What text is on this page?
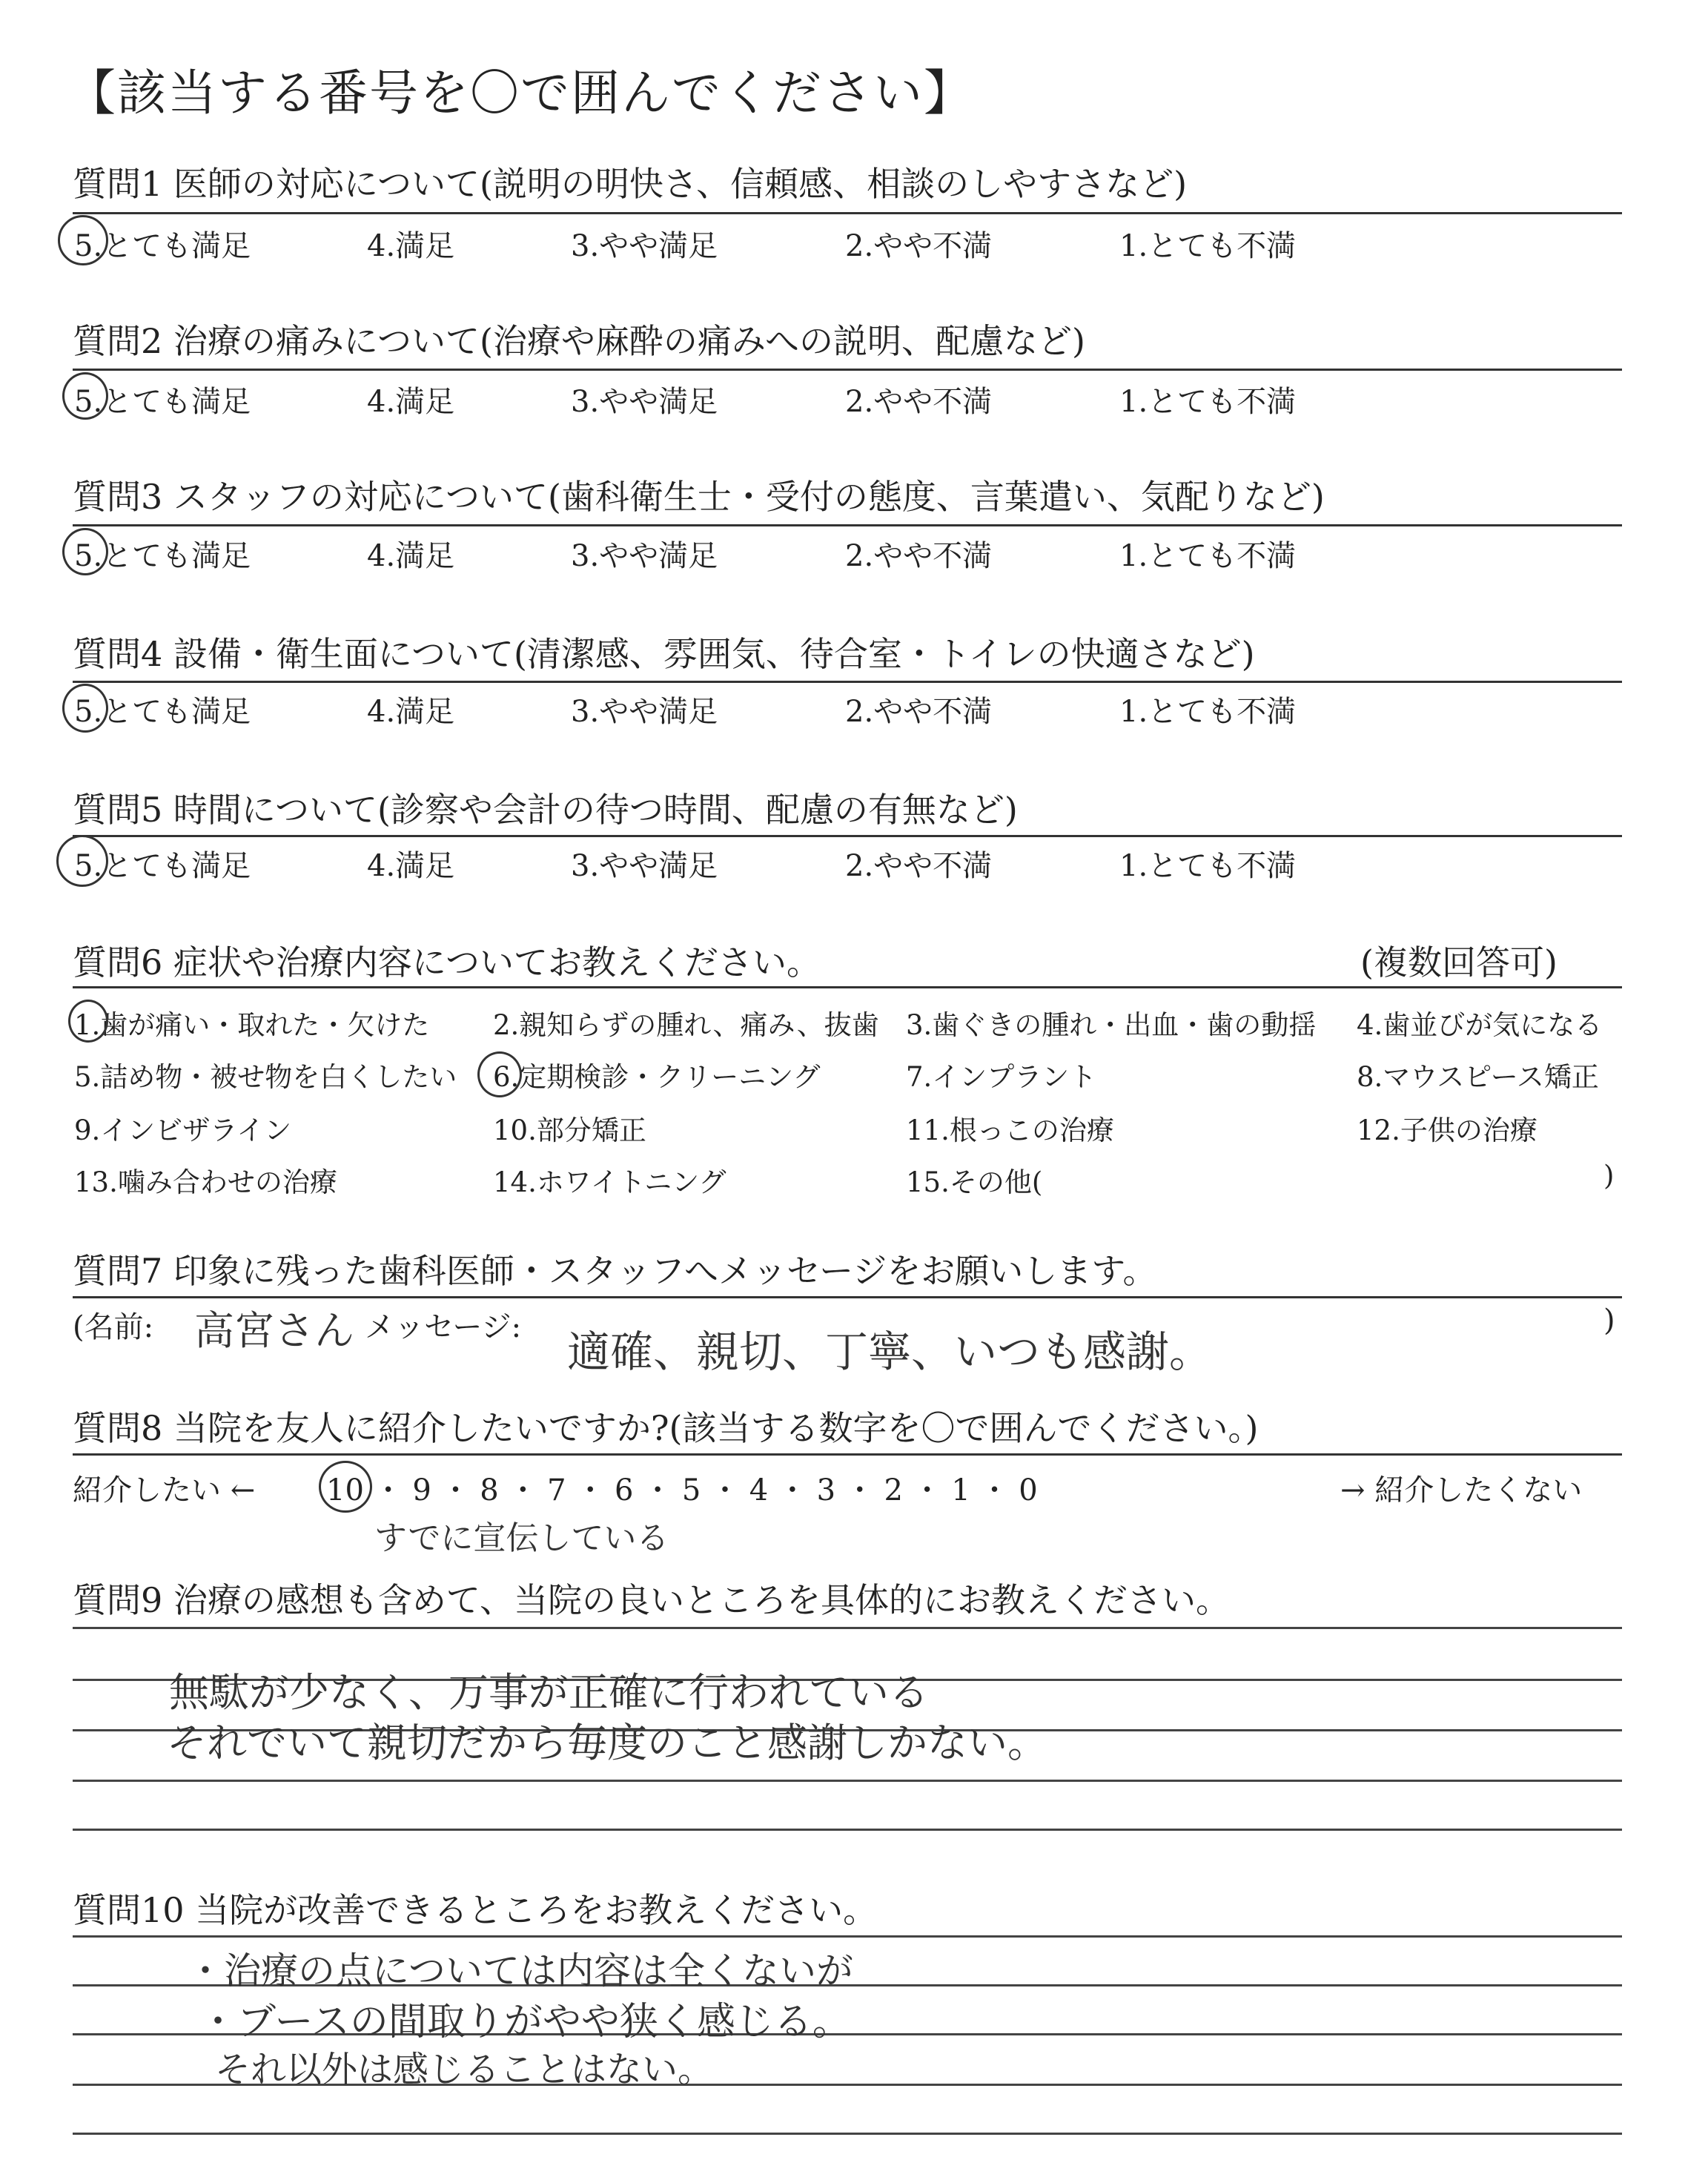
【該当する番号を〇で囲んでください】
質問1 医師の対応について(説明の明快さ、信頼感、相談のしやすさなど)
5.とても満足	4.満足	3.やや満足	2.やや不満	1.とても不満
質問2 治療の痛みについて(治療や麻酔の痛みへの説明、配慮など)
5.とても満足	4.満足	3.やや満足	2.やや不満	1.とても不満
質問3 スタッフの対応について(歯科衛生士・受付の態度、言葉遣い、気配りなど)
5.とても満足	4.満足	3.やや満足	2.やや不満	1.とても不満
質問4 設備・衛生面について(清潔感、雰囲気、待合室・トイレの快適さなど)
5.とても満足	4.満足	3.やや満足	2.やや不満	1.とても不満
質問5 時間について(診察や会計の待つ時間、配慮の有無など)
5.とても満足	4.満足	3.やや満足	2.やや不満	1.とても不満
質問6 症状や治療内容についてお教えください。	(複数回答可)
1.歯が痛い・取れた・欠けた 2.親知らずの腫れ、痛み、抜歯 3.歯ぐきの腫れ・出血・歯の動揺 4.歯並びが気になる
5.詰め物・被せ物を白くしたい 6.定期検診・クリーニング	7.インプラント	8.マウスピース矯正
9.インビザライン	10.部分矯正	11.根っこの治療	12.子供の治療
13.噛み合わせの治療	14.ホワイトニング	15.その他(	)
質問7 印象に残った歯科医師・スタッフへメッセージをお願いします。
(名前: 高宮さん メッセージ: 適確、親切、丁寧、いつも感謝。
)
質問8 当院を友人に紹介したいですか?(該当する数字を〇で囲んでください。)
紹介したい ← 10 ・ 9 ・ 8 ・ 7 ・ 6 ・ 5 ・ 4 ・ 3 ・ 2 ・ 1 ・ 0	→ 紹介したくない
すでに宣伝している
質問9 治療の感想も含めて、当院の良いところを具体的にお教えください。
無駄が少なく、万事が正確に行われている
それでいて親切だから毎度のこと感謝しかない。
質問10 当院が改善できるところをお教えください。
・治療の点については内容は全くないが
・ブースの間取りがやや狭く感じる。
それ以外は感じることはない。
